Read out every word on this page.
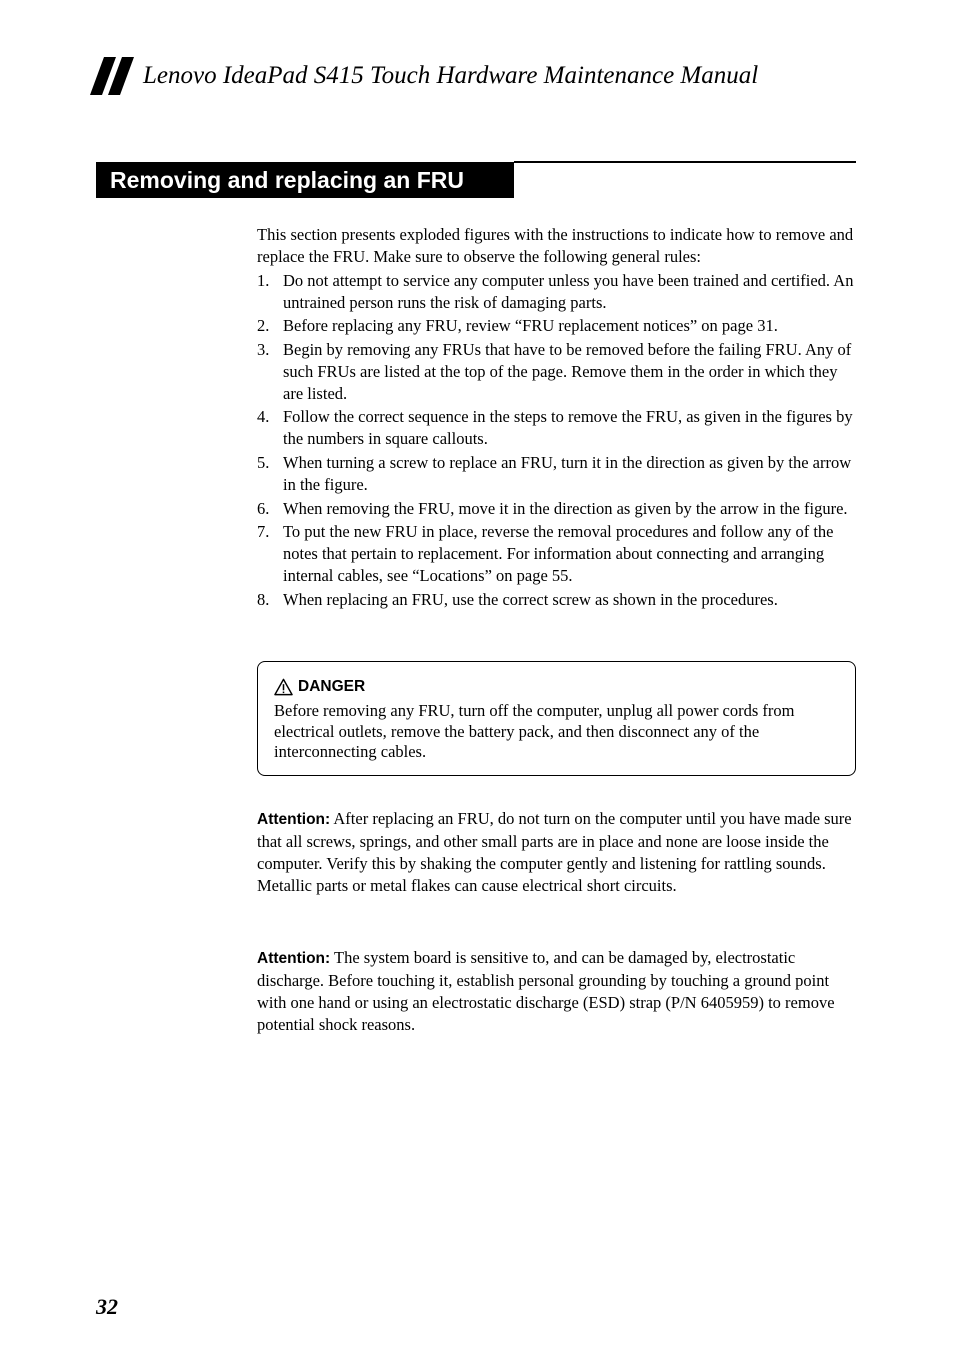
Lenovo IdeaPad S415 Touch Hardware Maintenance Manual
Removing and replacing an FRU

This section presents exploded figures with the instructions to indicate how to remove and replace the FRU. Make sure to observe the following general rules:

1. Do not attempt to service any computer unless you have been trained and certified. An untrained person runs the risk of damaging parts.
2. Before replacing any FRU, review “FRU replacement notices” on page 31.
3. Begin by removing any FRUs that have to be removed before the failing FRU. Any of such FRUs are listed at the top of the page. Remove them in the order in which they are listed.
4. Follow the correct sequence in the steps to remove the FRU, as given in the figures by the numbers in square callouts.
5. When turning a screw to replace an FRU, turn it in the direction as given by the arrow in the figure.
6. When removing the FRU, move it in the direction as given by the arrow in the figure.
7. To put the new FRU in place, reverse the removal procedures and follow any of the notes that pertain to replacement. For information about connecting and arranging internal cables, see “Locations” on page 55.
8. When replacing an FRU, use the correct screw as shown in the procedures.
DANGER
Before removing any FRU, turn off the computer, unplug all power cords from electrical outlets, remove the battery pack, and then disconnect any of the interconnecting cables.

Attention: After replacing an FRU, do not turn on the computer until you have made sure that all screws, springs, and other small parts are in place and none are loose inside the computer. Verify this by shaking the computer gently and listening for rattling sounds. Metallic parts or metal flakes can cause electrical short circuits.

Attention: The system board is sensitive to, and can be damaged by, electrostatic discharge. Before touching it, establish personal grounding by touching a ground point with one hand or using an electrostatic discharge (ESD) strap (P/N 6405959) to remove potential shock reasons.

32
